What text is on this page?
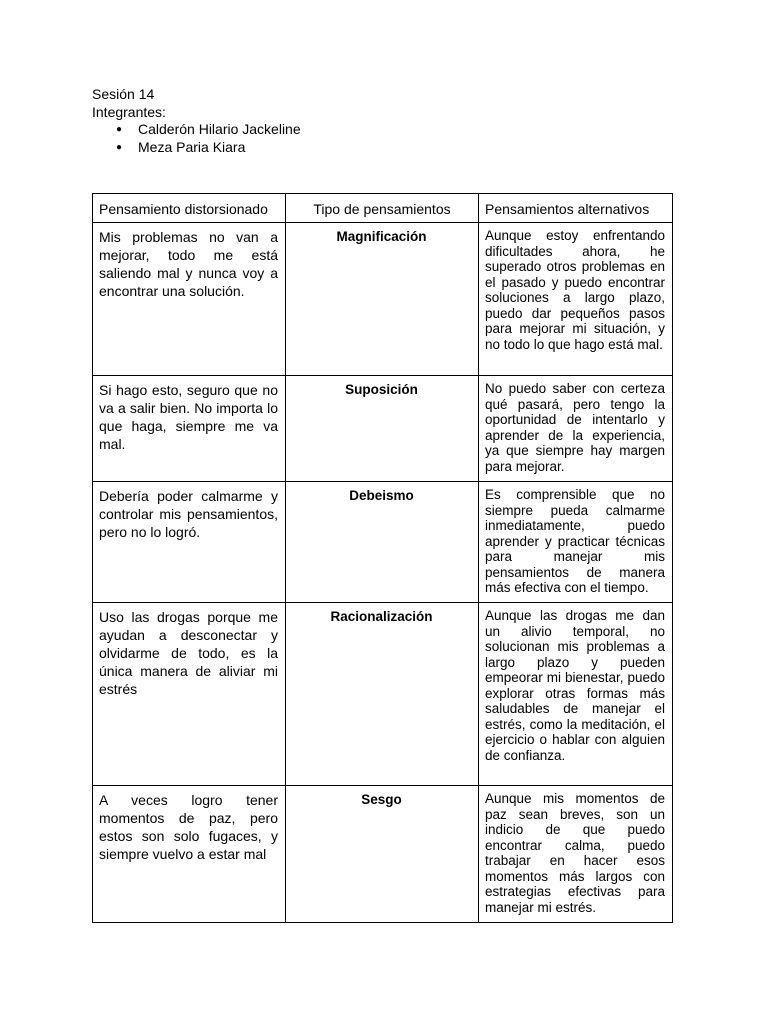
Sesión 14
Integrantes:
● Calderón Hilario Jackeline
● Meza Paria Kiara
Pensamiento distorsionado	Tipo de pensamientos	Pensamientos alternativos
Mis problemas no van a mejorar, todo me está saliendo mal y nunca voy a encontrar una solución.	Magnificación	Aunque estoy enfrentando dificultades ahora, he superado otros problemas en el pasado y puedo encontrar soluciones a largo plazo, puedo dar pequeños pasos para mejorar mi situación, y no todo lo que hago está mal.
Si hago esto, seguro que no va a salir bien. No importa lo que haga, siempre me va mal.	Suposición	No puedo saber con certeza qué pasará, pero tengo la oportunidad de intentarlo y aprender de la experiencia, ya que siempre hay margen para mejorar.
Debería poder calmarme y controlar mis pensamientos, pero no lo logró.	Debeismo	Es comprensible que no siempre pueda calmarme inmediatamente, puedo aprender y practicar técnicas para manejar mis pensamientos de manera más efectiva con el tiempo.
Uso las drogas porque me ayudan a desconectar y olvidarme de todo, es la única manera de aliviar mi estrés	Racionalización	Aunque las drogas me dan un alivio temporal, no solucionan mis problemas a largo plazo y pueden empeorar mi bienestar, puedo explorar otras formas más saludables de manejar el estrés, como la meditación, el ejercicio o hablar con alguien de confianza.
A veces logro tener momentos de paz, pero estos son solo fugaces, y siempre vuelvo a estar mal	Sesgo	Aunque mis momentos de paz sean breves, son un indicio de que puedo encontrar calma, puedo trabajar en hacer esos momentos más largos con estrategias efectivas para manejar mi estrés.
